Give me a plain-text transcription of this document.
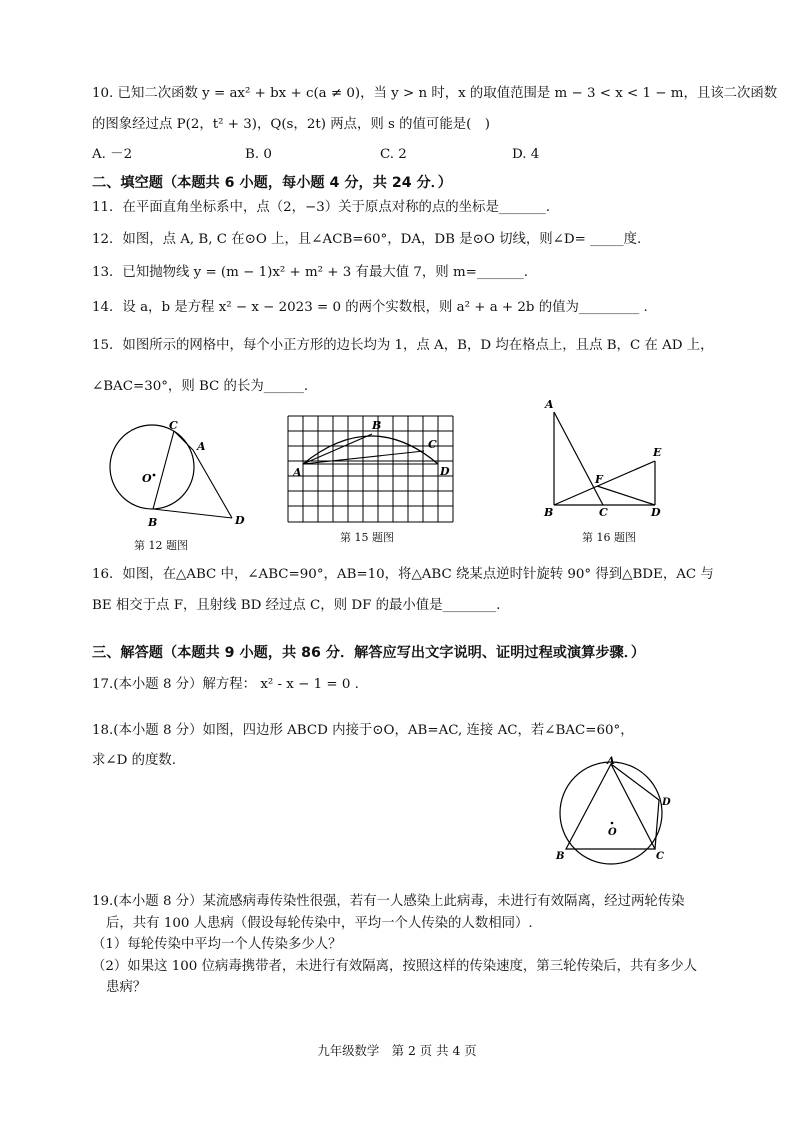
10. 已知二次函数 y = ax² + bx + c(a ≠ 0)，当 y > n 时，x 的取值范围是 m − 3 < x < 1 − m，且该二次函数
的图象经过点 P(2，t² + 3)，Q(s，2t) 两点，则 s 的值可能是(　)
A. －2	B. 0	C. 2	D. 4
二、填空题（本题共 6 小题，每小题 4 分，共 24 分．）
11．在平面直角坐标系中，点（2，−3）关于原点对称的点的坐标是_______.
12．如图，点 A, B, C 在⊙O 上，且∠ACB=60°，DA，DB 是⊙O 切线，则∠D= _____度.
13．已知抛物线 y = (m − 1)x² + m² + 3 有最大值 7，则 m=_______.
14．设 a，b 是方程 x² − x − 2023 = 0 的两个实数根，则 a² + a + 2b 的值为_________ .
15．如图所示的网格中，每个小正方形的边长均为 1，点 A，B，D 均在格点上，且点 B，C 在 AD 上，
∠BAC=30°，则 BC 的长为______.
C
A
O
B	D
第 12 题图
A
B
C
D
第 15 题图
A
E
F
B	C	D
第 16 题图
16．如图，在△ABC 中，∠ABC=90°，AB=10，将△ABC 绕某点逆时针旋转 90° 得到△BDE，AC 与
BE 相交于点 F，且射线 BD 经过点 C，则 DF 的最小值是________.
三、解答题（本题共 9 小题，共 86 分．解答应写出文字说明、证明过程或演算步骤．）
17.(本小题 8 分）解方程： x² - x − 1 = 0 .
18.(本小题 8 分）如图，四边形 ABCD 内接于⊙O，AB=AC, 连接 AC，若∠BAC=60°，
求∠D 的度数.	A
D
O
B	C
19.(本小题 8 分）某流感病毒传染性很强，若有一人感染上此病毒，未进行有效隔离，经过两轮传染
后，共有 100 人患病（假设每轮传染中，平均一个人传染的人数相同）.
（1）每轮传染中平均一个人传染多少人？
（2）如果这 100 位病毒携带者，未进行有效隔离，按照这样的传染速度，第三轮传染后，共有多少人
患病？
九年级数学　第 2 页 共 4 页
